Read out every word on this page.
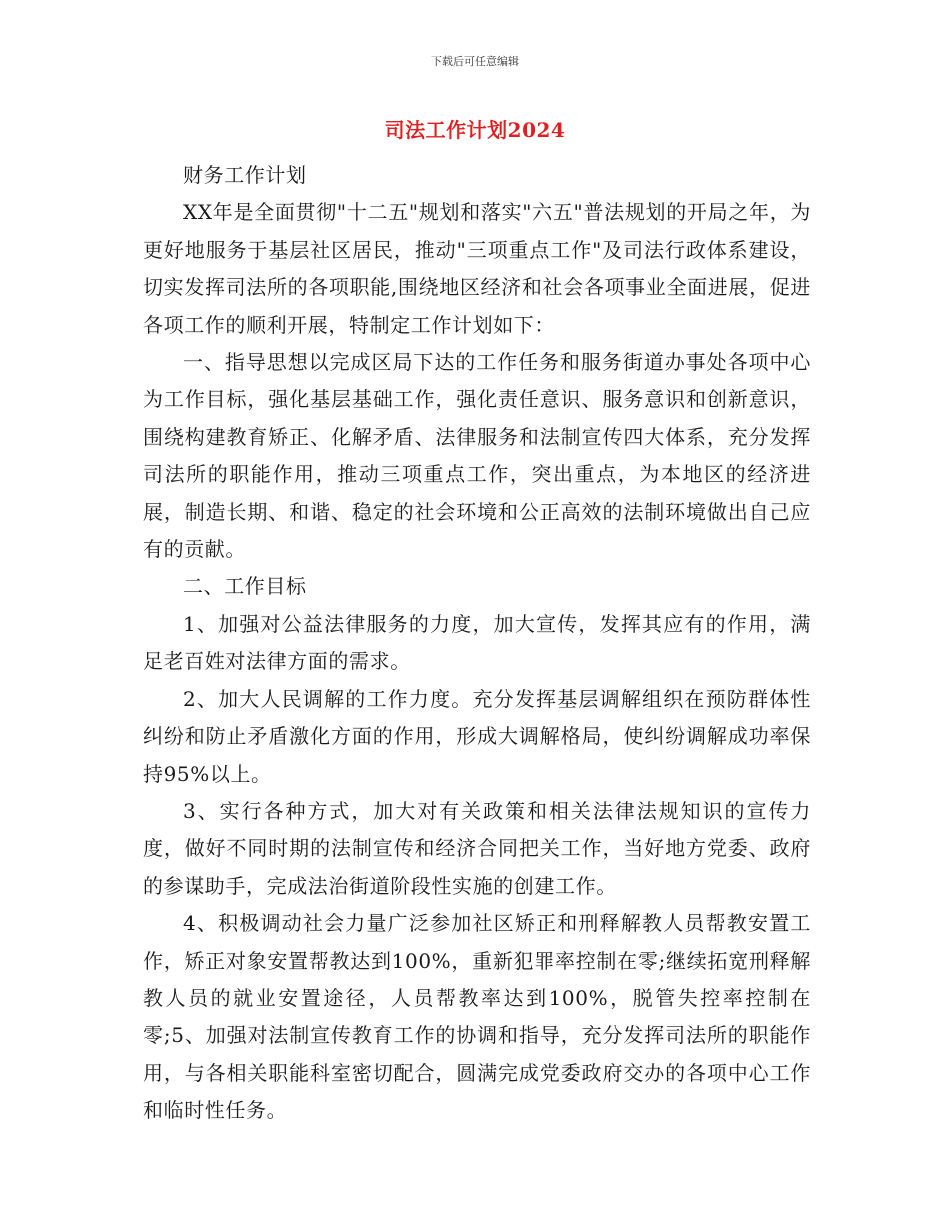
下载后可任意编辑
司法工作计划2024

财务工作计划

XX年是全面贯彻"十二五"规划和落实"六五"普法规划的开局之年，为更好地服务于基层社区居民，推动"三项重点工作"及司法行政体系建设，切实发挥司法所的各项职能,围绕地区经济和社会各项事业全面进展，促进各项工作的顺利开展，特制定工作计划如下：

一、指导思想以完成区局下达的工作任务和服务街道办事处各项中心为工作目标，强化基层基础工作，强化责任意识、服务意识和创新意识，围绕构建教育矫正、化解矛盾、法律服务和法制宣传四大体系，充分发挥司法所的职能作用，推动三项重点工作，突出重点，为本地区的经济进展，制造长期、和谐、稳定的社会环境和公正高效的法制环境做出自己应有的贡献。

二、工作目标

1、加强对公益法律服务的力度，加大宣传，发挥其应有的作用，满足老百姓对法律方面的需求。

2、加大人民调解的工作力度。充分发挥基层调解组织在预防群体性纠纷和防止矛盾激化方面的作用，形成大调解格局，使纠纷调解成功率保持95%以上。

3、实行各种方式，加大对有关政策和相关法律法规知识的宣传力度，做好不同时期的法制宣传和经济合同把关工作，当好地方党委、政府的参谋助手，完成法治街道阶段性实施的创建工作。

4、积极调动社会力量广泛参加社区矫正和刑释解教人员帮教安置工作，矫正对象安置帮教达到100%，重新犯罪率控制在零;继续拓宽刑释解教人员的就业安置途径，人员帮教率达到100%，脱管失控率控制在零;5、加强对法制宣传教育工作的协调和指导，充分发挥司法所的职能作用，与各相关职能科室密切配合，圆满完成党委政府交办的各项中心工作和临时性任务。
